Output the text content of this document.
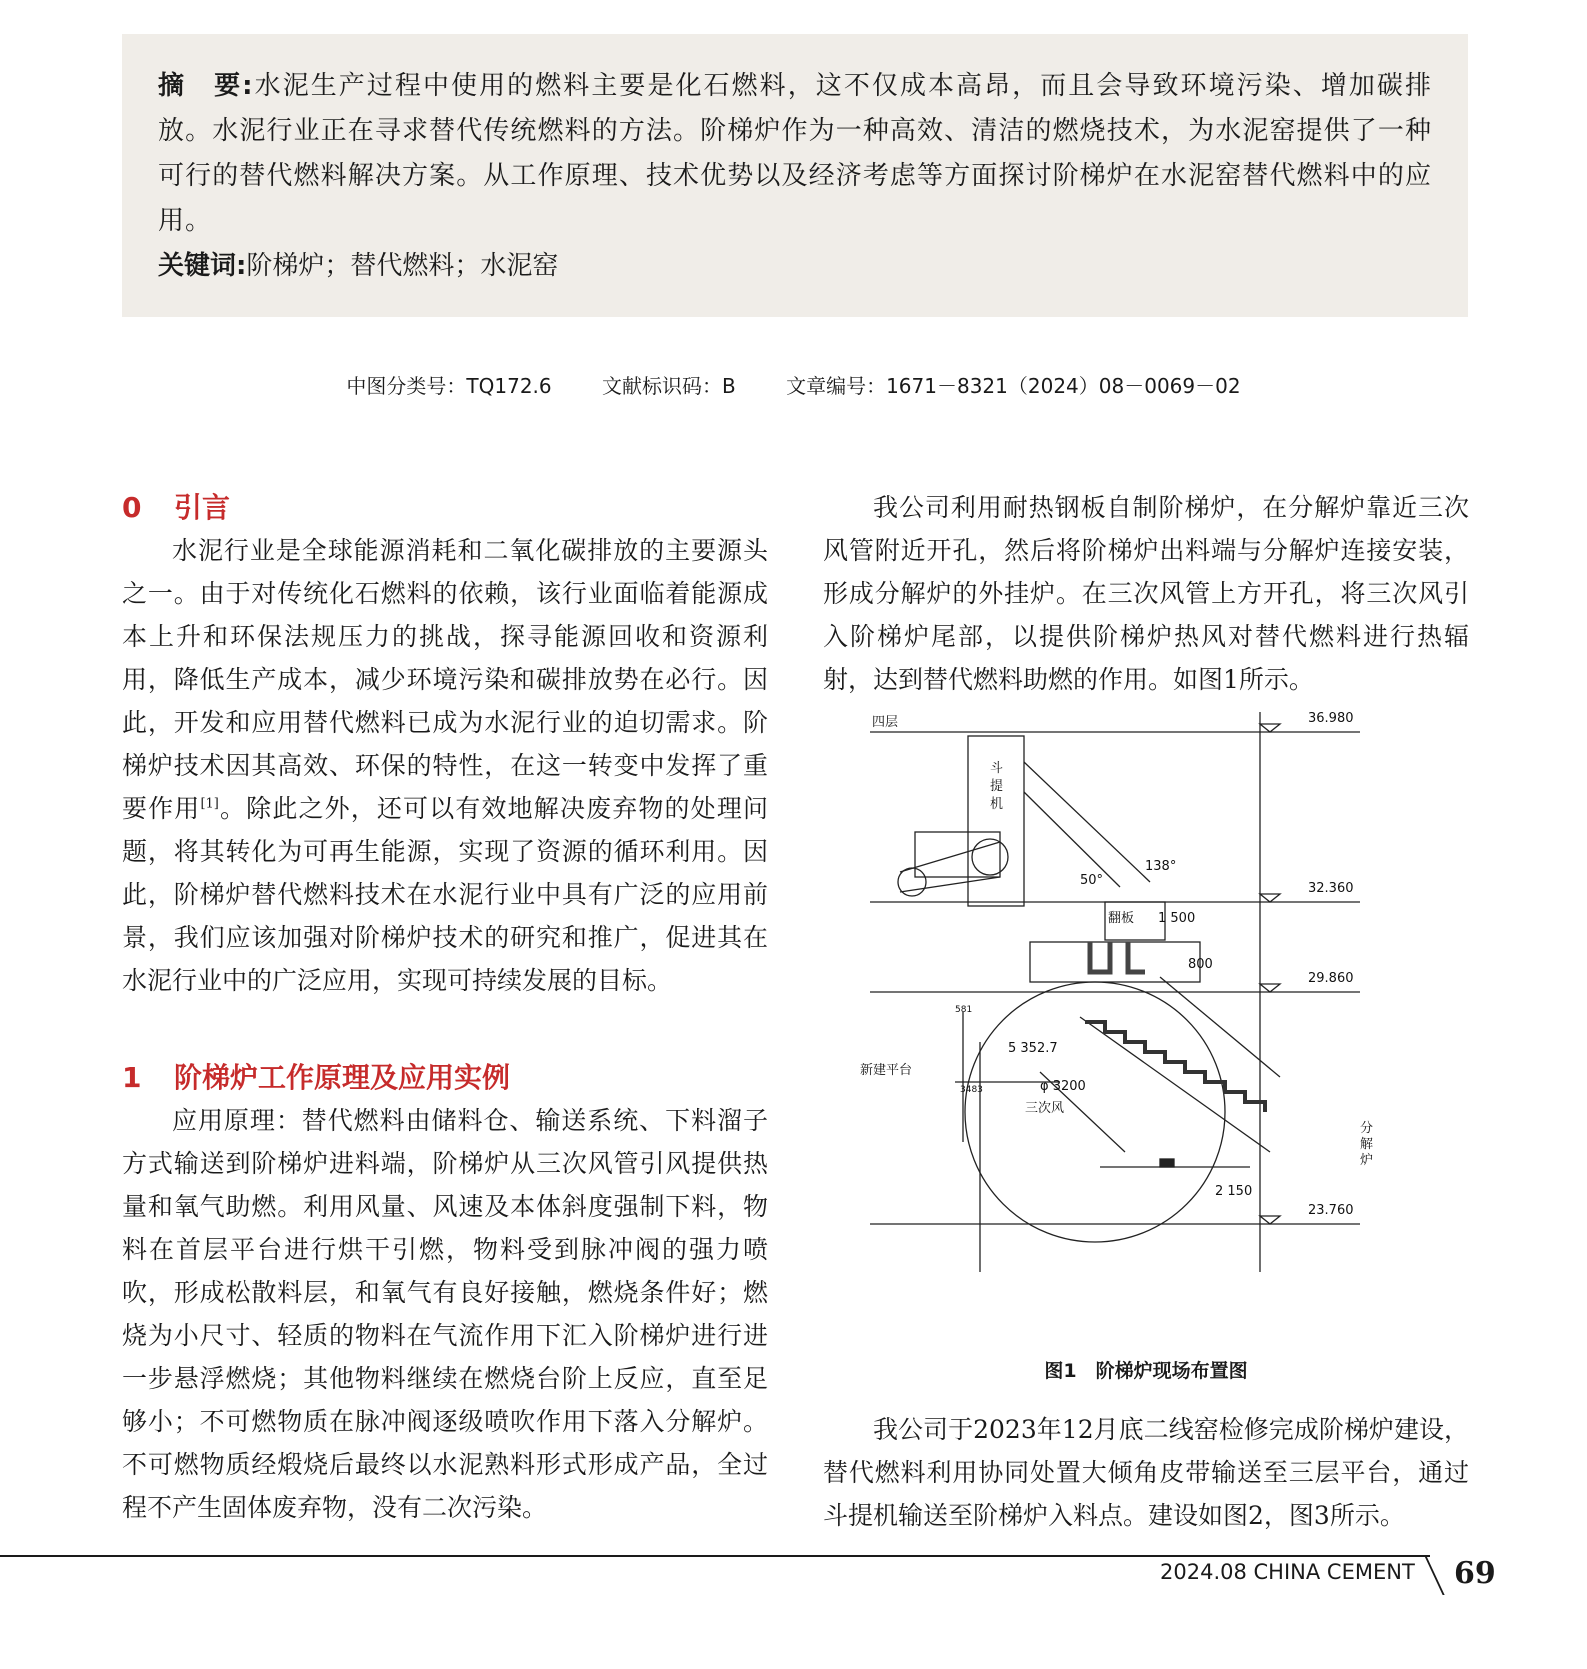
摘　要:水泥生产过程中使用的燃料主要是化石燃料，这不仅成本高昂，而且会导致环境污染、增加碳排放。水泥行业正在寻求替代传统燃料的方法。阶梯炉作为一种高效、清洁的燃烧技术，为水泥窑提供了一种可行的替代燃料解决方案。从工作原理、技术优势以及经济考虑等方面探讨阶梯炉在水泥窑替代燃料中的应用。

关键词:阶梯炉；替代燃料；水泥窑

中图分类号：TQ172.6	文献标识码：B	文章编号：1671－8321（2024）08－0069－02
0 引言

水泥行业是全球能源消耗和二氧化碳排放的主要源头之一。由于对传统化石燃料的依赖，该行业面临着能源成本上升和环保法规压力的挑战，探寻能源回收和资源利用，降低生产成本，减少环境污染和碳排放势在必行。因此，开发和应用替代燃料已成为水泥行业的迫切需求。阶梯炉技术因其高效、环保的特性，在这一转变中发挥了重要作用[1]。除此之外，还可以有效地解决废弃物的处理问题，将其转化为可再生能源，实现了资源的循环利用。因此，阶梯炉替代燃料技术在水泥行业中具有广泛的应用前景，我们应该加强对阶梯炉技术的研究和推广，促进其在水泥行业中的广泛应用，实现可持续发展的目标。

1 阶梯炉工作原理及应用实例

应用原理：替代燃料由储料仓、输送系统、下料溜子方式输送到阶梯炉进料端，阶梯炉从三次风管引风提供热量和氧气助燃。利用风量、风速及本体斜度强制下料，物料在首层平台进行烘干引燃，物料受到脉冲阀的强力喷吹，形成松散料层，和氧气有良好接触，燃烧条件好；燃烧为小尺寸、轻质的物料在气流作用下汇入阶梯炉进行进一步悬浮燃烧；其他物料继续在燃烧台阶上反应，直至足够小；不可燃物质在脉冲阀逐级喷吹作用下落入分解炉。不可燃物质经煅烧后最终以水泥熟料形式形成产品，全过程不产生固体废弃物，没有二次污染。

我公司利用耐热钢板自制阶梯炉，在分解炉靠近三次风管附近开孔，然后将阶梯炉出料端与分解炉连接安装，形成分解炉的外挂炉。在三次风管上方开孔，将三次风引入阶梯炉尾部，以提供阶梯炉热风对替代燃料进行热辐射，达到替代燃料助燃的作用。如图1所示。

四层
斗
提
机
36.980
32.360
29.860
23.760
50°
138°
翻板 1 500
800
5 352.7
φ 3200
三次风
新建平台
2 150
分
解
炉
581
3483
图1　阶梯炉现场布置图

我公司于2023年12月底二线窑检修完成阶梯炉建设，替代燃料利用协同处置大倾角皮带输送至三层平台，通过斗提机输送至阶梯炉入料点。建设如图2，图3所示。

2024.08 CHINA CEMENT 69
